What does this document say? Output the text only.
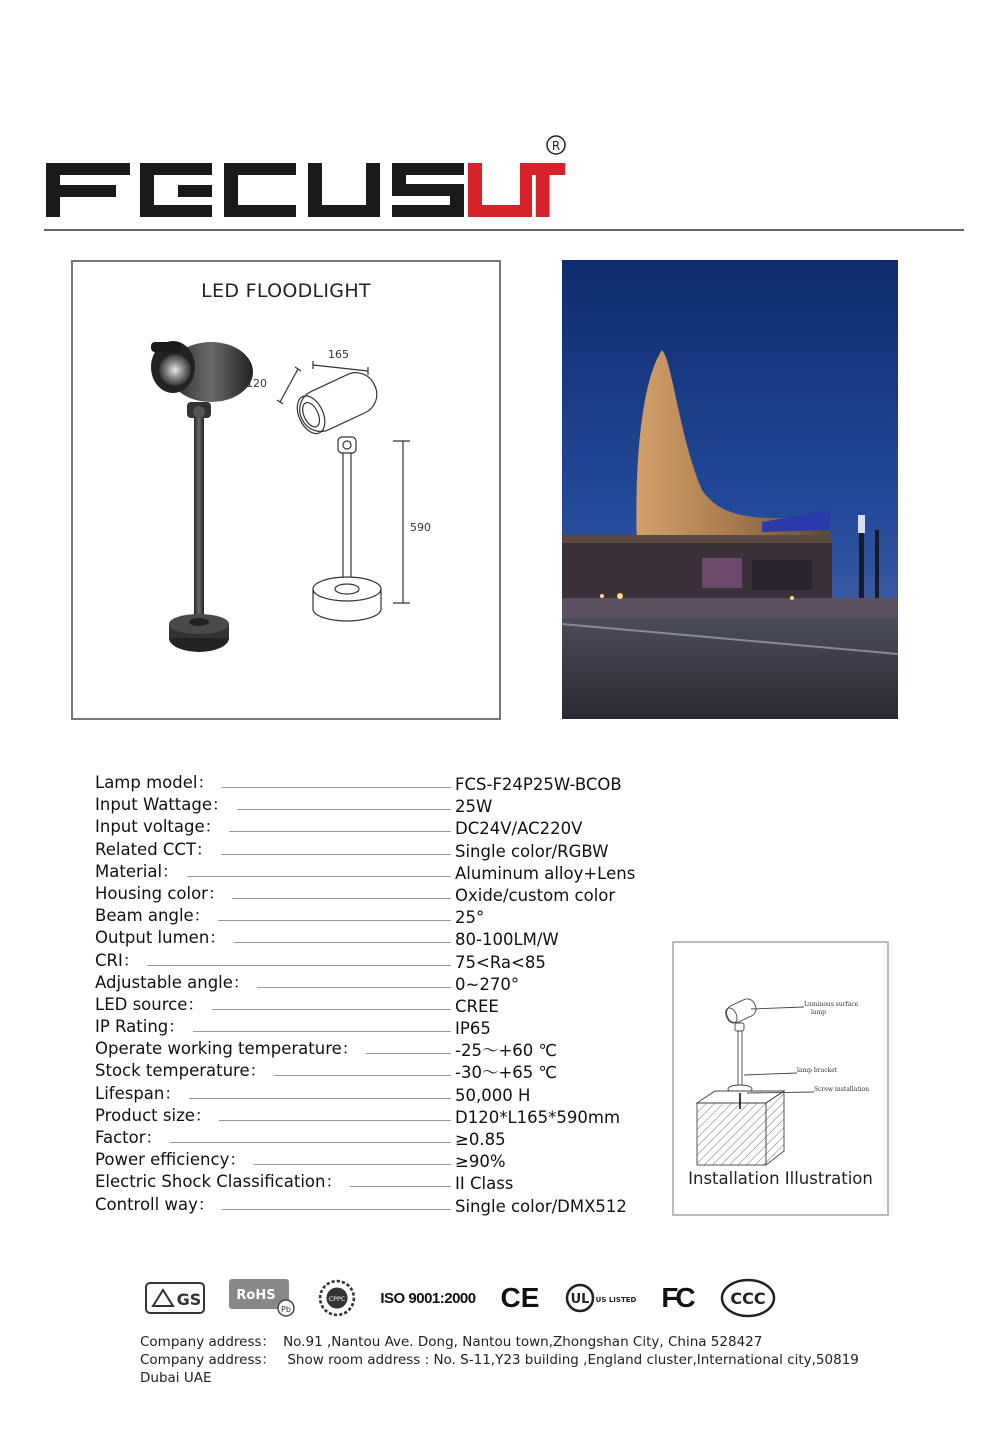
R
LED FLOODLIGHT
120
165
590
Lamp model：	FCS-F24P25W-BCOB
Input Wattage：	25W
Input voltage：	DC24V/AC220V
Related CCT：	Single color/RGBW
Material：	Aluminum alloy+Lens
Housing color：	Oxide/custom color
Beam angle：	25°
Output lumen：	80-100LM/W
CRI：	75<Ra<85
Adjustable angle：	0~270°
LED source：	CREE
IP Rating：	IP65
Operate working temperature：	-25～+60 ℃
Stock temperature：	-30～+65 ℃
Lifespan：	50,000 H
Product size：	D120*L165*590mm
Factor：	≥0.85
Power efficiency：	≥90%
Electric Shock Classification：	II Class
Controll way：	Single color/DMX512
Luminous surface
lamp
lamp bracket
Screw installation
Installation Illustration
GS	RoHS
Pb
CPPC ISO 9001:2000 CE UL US LISTED FC	CCC
Company address： No.91 ,Nantou Ave. Dong, Nantou town,Zhongshan City, China 528427
Company address： Show room address : No. S-11,Y23 building ,England cluster,International city,50819 Dubai UAE
